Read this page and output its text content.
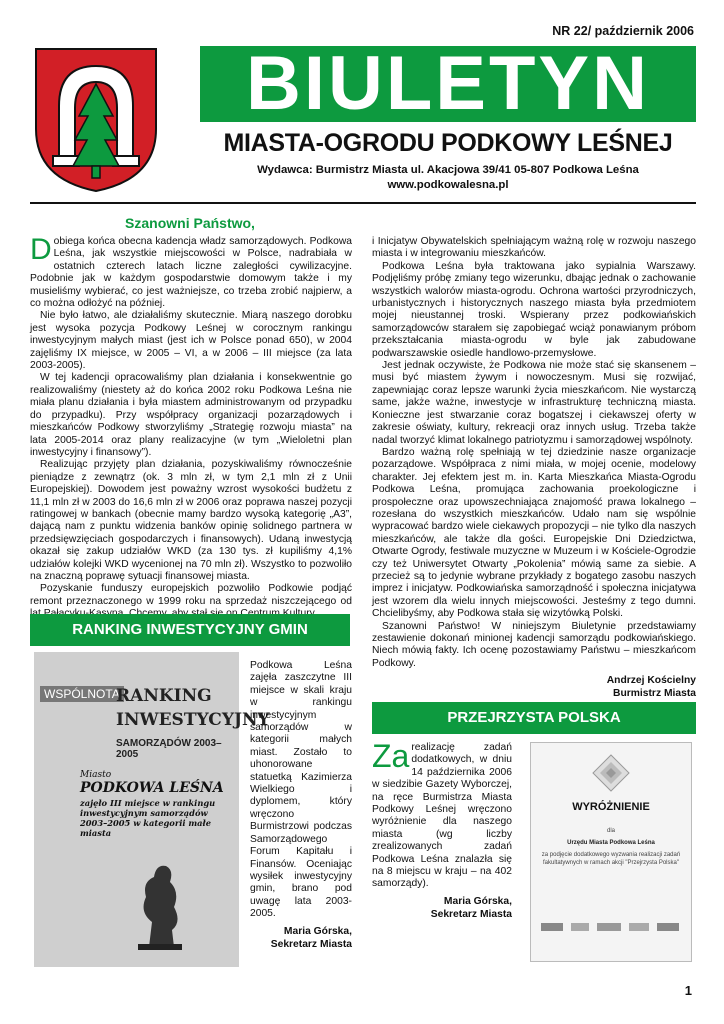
NR 22/ październik 2006
BIULETYN
MIASTA-OGRODU PODKOWY LEŚNEJ
Wydawca: Burmistrz Miasta ul. Akacjowa 39/41 05-807 Podkowa Leśna
www.podkowalesna.pl
Szanowni Państwo,

Dobiega końca obecna kadencja władz samorządowych. Podkowa Leśna, jak wszystkie miejscowości w Polsce, nadrabiała w ostatnich czterech latach liczne zaległości cywilizacyjne. Podobnie jak w każdym gospodarstwie domowym także i my musieliśmy wybierać, co jest ważniejsze, co trzeba zrobić najpierw, a co można odłożyć na później.

Nie było łatwo, ale działaliśmy skutecznie. Miarą naszego dorobku jest wysoka pozycja Podkowy Leśnej w corocznym rankingu inwestycyjnym małych miast (jest ich w Polsce ponad 650), w 2004 zajęliśmy IX miejsce, w 2005 – VI, a w 2006 – III miejsce (za lata 2003-2005).

W tej kadencji opracowaliśmy plan działania i konsekwentnie go realizowaliśmy (niestety aż do końca 2002 roku Podkowa Leśna nie miała planu działania i była miastem administrowanym od przypadku do przypadku). Przy współpracy organizacji pozarządowych i mieszkańców Podkowy stworzyliśmy „Strategię rozwoju miasta” na lata 2005-2014 oraz plany realizacyjne (w tym „Wieloletni plan inwestycyjny i finansowy”).

Realizując przyjęty plan działania, pozyskiwaliśmy równocześnie pieniądze z zewnątrz (ok. 3 mln zł, w tym 2,1 mln zł z Unii Europejskiej). Dowodem jest poważny wzrost wysokości budżetu z 11,1 mln zł w 2003 do 16,6 mln zł w 2006 oraz poprawa naszej pozycji ratingowej w bankach (obecnie mamy bardzo wysoką kategorię „A3”, dającą nam z punktu widzenia banków opinię solidnego partnera w przedsięwzięciach gospodarczych i finansowych). Udaną inwestycją okazał się zakup udziałów WKD (za 130 tys. zł kupiliśmy 4,1% udziałów kolejki WKD wycenionej na 70 mln zł). Wszystko to pozwoliło na znaczną poprawę sytuacji finansowej miasta.

Pozyskanie funduszy europejskich pozwoliło Podkowie podjąć remont przeznaczonego w 1999 roku na sprzedaż niszczejącego od

i Inicjatyw Obywatelskich spełniającym ważną rolę w rozwoju naszego miasta i w integrowaniu mieszkańców.

Podkowa Leśna była traktowana jako sypialnia Warszawy. Podjęliśmy próbę zmiany tego wizerunku, dbając jednak o zachowanie wszystkich walorów miasta-ogrodu. Ochrona wartości przyrodniczych, urbanistycznych i historycznych naszego miasta była przedmiotem mojej nieustannej troski. Wspierany przez podkowiańskich samorządowców starałem się zapobiegać wciąż ponawianym próbom przekształcania miasta-ogrodu w byle jak zabudowane podwarszawskie osiedle handlowo-przemysłowe.

Jest jednak oczywiste, że Podkowa nie może stać się skansenem – musi być miastem żywym i nowoczesnym. Musi się rozwijać, zapewniając coraz lepsze warunki życia mieszkańcom. Nie wystarczą same, jakże ważne, inwestycje w infrastrukturę techniczną miasta. Konieczne jest stwarzanie coraz bogatszej i ciekawszej oferty w zakresie oświaty, kultury, rekreacji oraz innych usług. Trzeba także nadal tworzyć klimat lokalnego patriotyzmu i samorządowej wspólnoty.

Bardzo ważną rolę spełniają w tej dziedzinie nasze organizacje pozarządowe. Współpraca z nimi miała, w mojej ocenie, modelowy charakter. Jej efektem jest m. in. Karta Mieszkańca Miasta-Ogrodu Podkowa Leśna, promująca zachowania proekologiczne i prospołeczne oraz upowszechniająca znajomość prawa lokalnego – rozesłana do wszystkich mieszkańców. Udało nam się wspólnie wypracować bardzo wiele ciekawych propozycji – nie tylko dla naszych mieszkańców, ale także dla gości. Europejskie Dni Dziedzictwa, Otwarte Ogrody, festiwale muzyczne w Muzeum i w Kościele-Ogrodzie czy też Uniwersytet Otwarty „Pokolenia” mówią same za siebie. A przecież są to jedynie wybrane przykłady z bogatego zasobu naszych imprez i inicjatyw. Podkowiańska samorządność i społeczna inicjatywa jest wzorem dla wielu innych miejscowości. Jesteśmy z tego dumni. Chcielibyśmy, aby Podkowa stała się wizytówką Polski.

Szanowni Państwo! W niniejszym Biuletynie przedstawiamy zestawienie dokonań minionej kadencji samorządu podkowiańskiego. Niech mówią fakty. Ich ocenę pozostawiamy Państwu – mieszkańcom Podkowy.

Andrzej Kościelny
Burmistrz Miasta
RANKING INWESTYCYJNY GMIN
WSPÓLNOTA
RANKING
INWESTYCYJNY
SAMORZĄDÓW 2003–2005
Miasto
PODKOWA LEŚNA
zajęło III miejsce w rankingu inwestycyjnym samorządów 2003–2005 w kategorii małe miasta

Podkowa Leśna zajęła zaszczytne III miejsce w skali kraju w rankingu inwestycyjnym samorządów w kategorii małych miast. Zostało to uhonorowane statuetką Kazimierza Wielkiego i dyplomem, który wręczono Burmistrzowi podczas Samorządowego Forum Kapitału i Finansów. Oceniając wysiłek inwestycyjny gmin, brano pod uwagę lata 2003-2005.

Maria Górska,
Sekretarz Miasta
PRZEJRZYSTA POLSKA

Za realizację zadań dodatkowych, w dniu 14 października 2006 w siedzibie Gazety Wyborczej, na ręce Burmistrza Miasta Podkowy Leśnej wręczono wyróżnienie dla naszego miasta (wg liczby zrealizowanych zadań Podkowa Leśna znalazła się na 8 miejscu w kraju – na 402 samorządy).

Maria Górska,
Sekretarz Miasta
WYRÓŻNIENIE
dla
Urzędu Miasta Podkowa Leśna
za podjęcie dodatkowego wyzwania realizacji zadań fakultatywnych w ramach akcji "Przejrzysta Polska"
1
